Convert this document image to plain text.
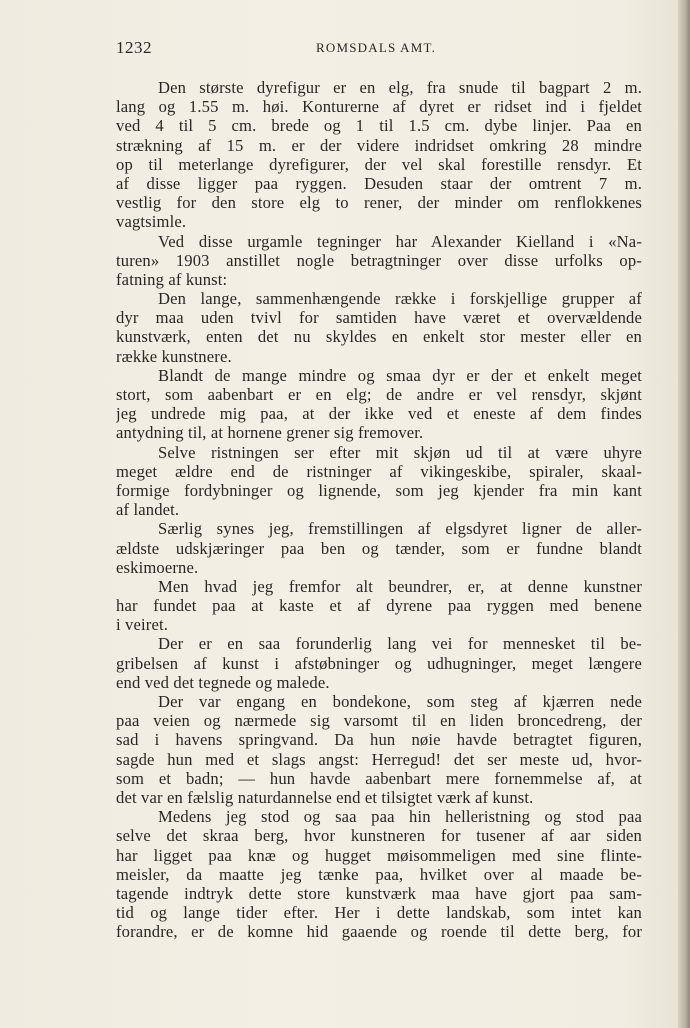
1232	ROMSDALS AMT.
Den største dyrefigur er en elg, fra snude til bagpart 2 m.
lang og 1.55 m. høi. Konturerne af dyret er ridset ind i fjeldet
ved 4 til 5 cm. brede og 1 til 1.5 cm. dybe linjer. Paa en
strækning af 15 m. er der videre indridset omkring 28 mindre
op til meterlange dyrefigurer, der vel skal forestille rensdyr. Et
af disse ligger paa ryggen. Desuden staar der omtrent 7 m.
vestlig for den store elg to rener, der minder om renflokkenes
vagtsimle.
Ved disse urgamle tegninger har Alexander Kielland i «Na-
turen» 1903 anstillet nogle betragtninger over disse urfolks op-
fatning af kunst:
Den lange, sammenhængende række i forskjellige grupper af
dyr maa uden tvivl for samtiden have været et overvældende
kunstværk, enten det nu skyldes en enkelt stor mester eller en
række kunstnere.
Blandt de mange mindre og smaa dyr er der et enkelt meget
stort, som aabenbart er en elg; de andre er vel rensdyr, skjønt
jeg undrede mig paa, at der ikke ved et eneste af dem findes
antydning til, at hornene grener sig fremover.
Selve ristningen ser efter mit skjøn ud til at være uhyre
meget ældre end de ristninger af vikingeskibe, spiraler, skaal-
formige fordybninger og lignende, som jeg kjender fra min kant
af landet.
Særlig synes jeg, fremstillingen af elgsdyret ligner de aller-
ældste udskjæringer paa ben og tænder, som er fundne blandt
eskimoerne.
Men hvad jeg fremfor alt beundrer, er, at denne kunstner
har fundet paa at kaste et af dyrene paa ryggen med benene
i veiret.
Der er en saa forunderlig lang vei for mennesket til be-
gribelsen af kunst i afstøbninger og udhugninger, meget længere
end ved det tegnede og malede.
Der var engang en bondekone, som steg af kjærren nede
paa veien og nærmede sig varsomt til en liden broncedreng, der
sad i havens springvand. Da hun nøie havde betragtet figuren,
sagde hun med et slags angst: Herregud! det ser meste ud, hvor-
som et badn; — hun havde aabenbart mere fornemmelse af, at
det var en fælslig naturdannelse end et tilsigtet værk af kunst.
Medens jeg stod og saa paa hin helleristning og stod paa
selve det skraa berg, hvor kunstneren for tusener af aar siden
har ligget paa knæ og hugget møisommeligen med sine flinte-
meisler, da maatte jeg tænke paa, hvilket over al maade be-
tagende indtryk dette store kunstværk maa have gjort paa sam-
tid og lange tider efter. Her i dette landskab, som intet kan
forandre, er de komne hid gaaende og roende til dette berg, for
